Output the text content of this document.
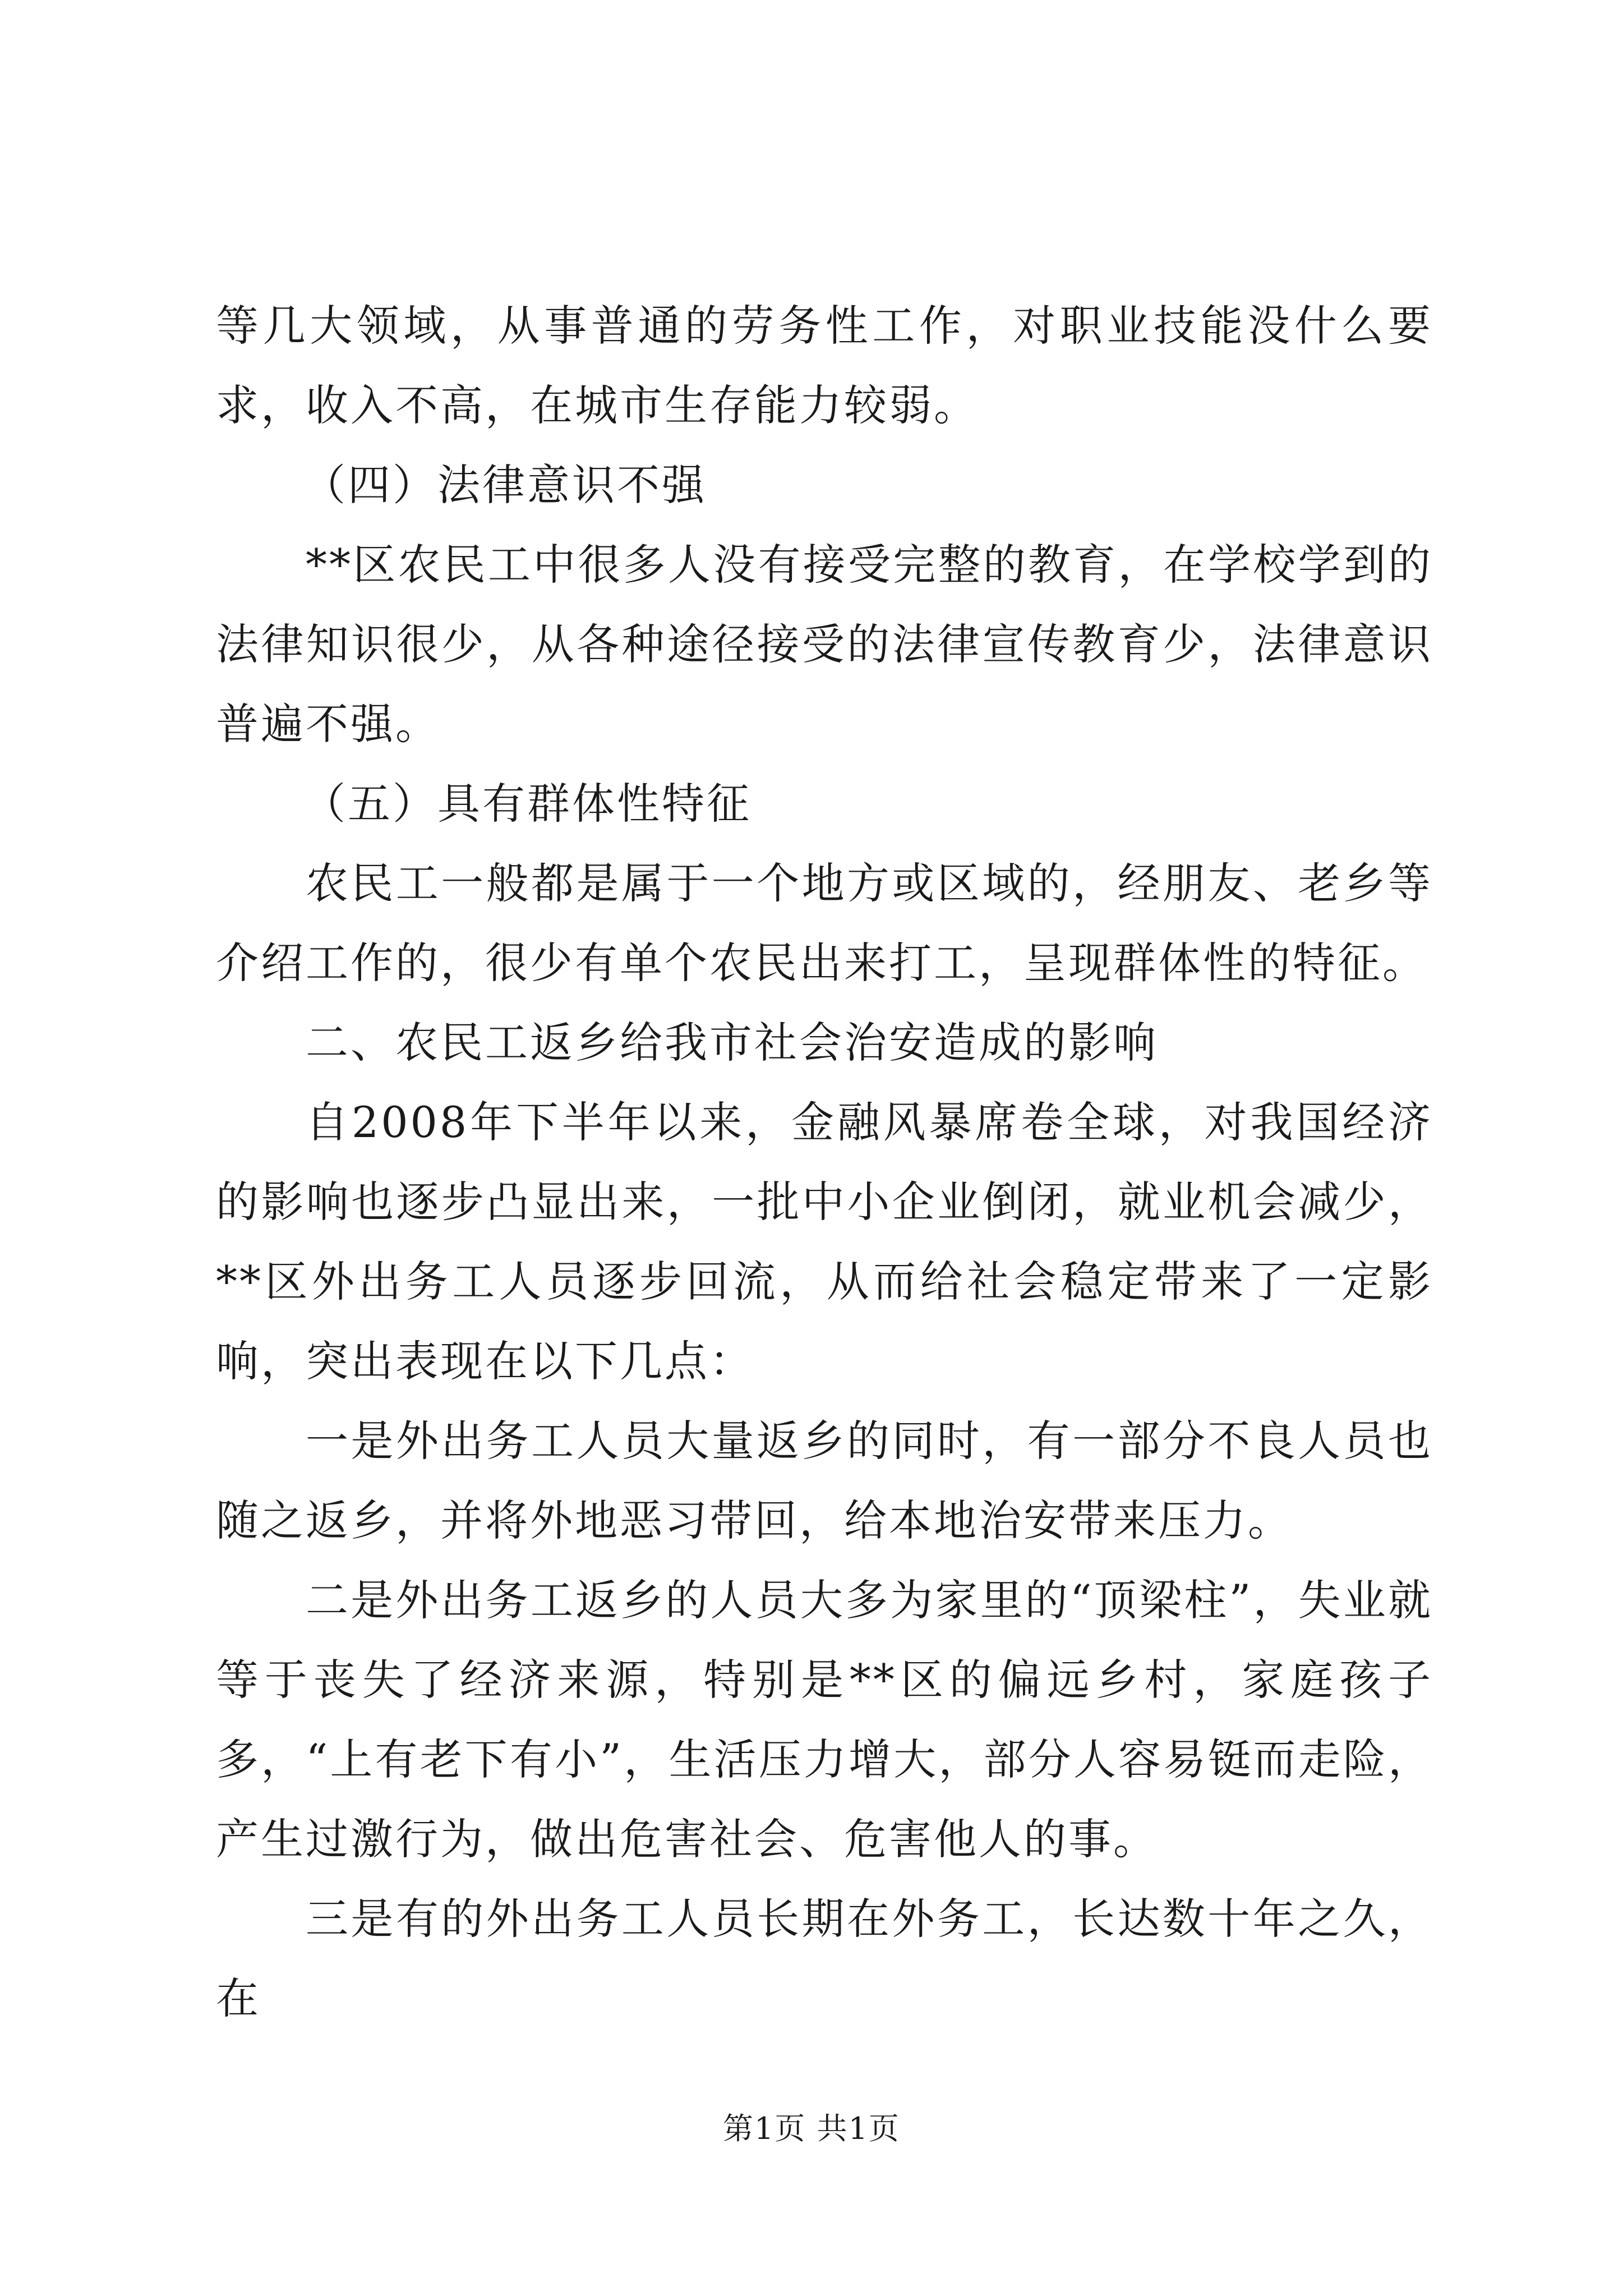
等几大领域，从事普通的劳务性工作，对职业技能没什么要求，收入不高，在城市生存能力较弱。

（四）法律意识不强

**区农民工中很多人没有接受完整的教育，在学校学到的法律知识很少，从各种途径接受的法律宣传教育少，法律意识普遍不强。

（五）具有群体性特征

农民工一般都是属于一个地方或区域的，经朋友、老乡等介绍工作的，很少有单个农民出来打工，呈现群体性的特征。

二、农民工返乡给我市社会治安造成的影响

自2008年下半年以来，金融风暴席卷全球，对我国经济的影响也逐步凸显出来，一批中小企业倒闭，就业机会减少，**区外出务工人员逐步回流，从而给社会稳定带来了一定影响，突出表现在以下几点：

一是外出务工人员大量返乡的同时，有一部分不良人员也随之返乡，并将外地恶习带回，给本地治安带来压力。

二是外出务工返乡的人员大多为家里的“顶梁柱”，失业就等于丧失了经济来源，特别是**区的偏远乡村，家庭孩子多，“上有老下有小”，生活压力增大，部分人容易铤而走险，产生过激行为，做出危害社会、危害他人的事。

三是有的外出务工人员长期在外务工，长达数十年之久，在

第1页 共1页
